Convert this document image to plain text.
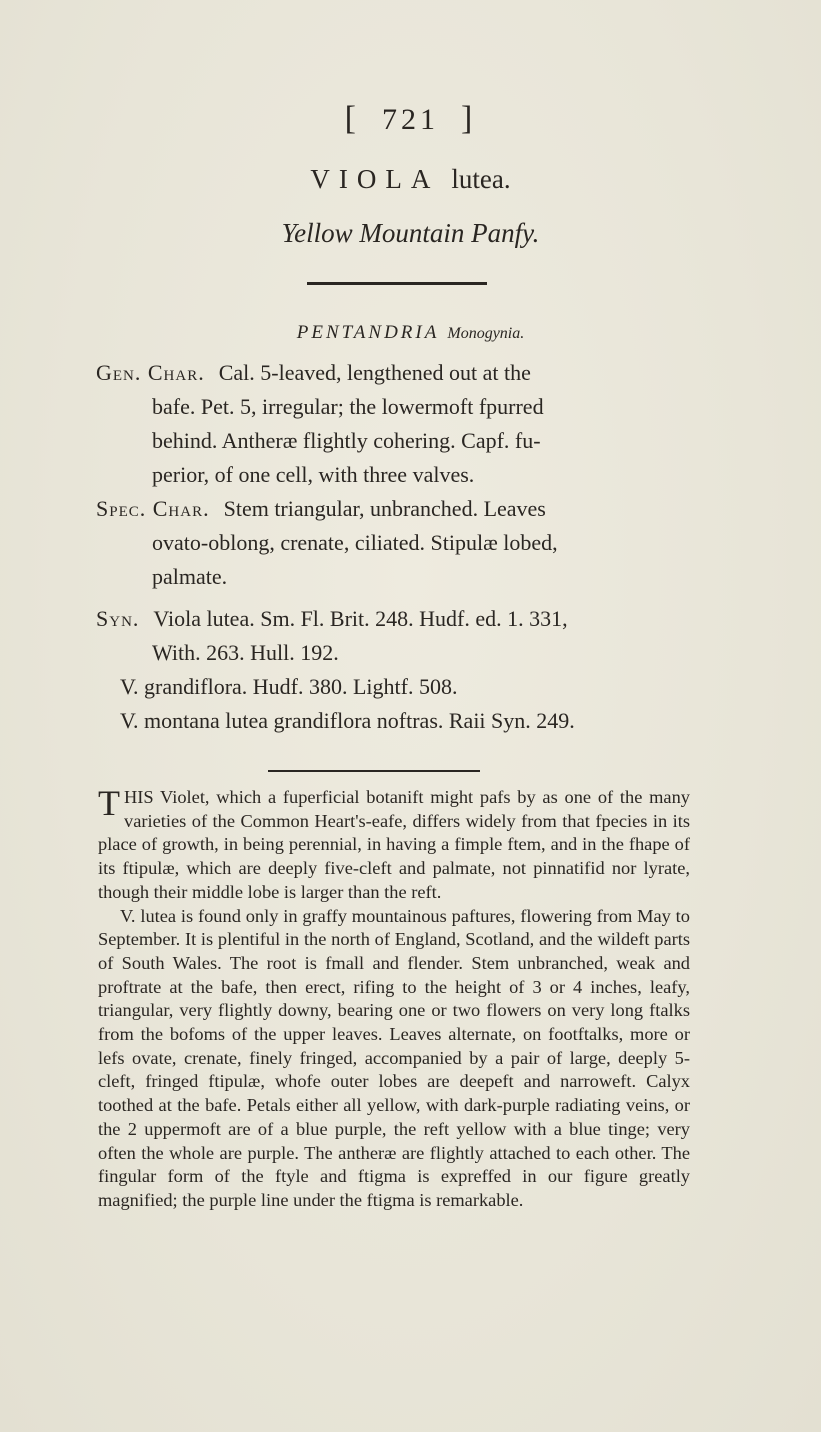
[ 721 ]
VIOLA lutea.
Yellow Mountain Panfy.
PENTANDRIA Monogynia.
Gen. Char. Cal. 5-leaved, lengthened out at the
bafe. Pet. 5, irregular; the lowermoft fpurred
behind. Antheræ flightly cohering. Capf. fu-
perior, of one cell, with three valves.
Spec. Char. Stem triangular, unbranched. Leaves
ovato-oblong, crenate, ciliated. Stipulæ lobed,
palmate.
Syn. Viola lutea. Sm. Fl. Brit. 248. Hudf. ed. 1. 331,
With. 263. Hull. 192.
V. grandiflora. Hudf. 380. Lightf. 508.
V. montana lutea grandiflora noftras. Raii Syn. 249.

THIS Violet, which a fuperficial botanift might pafs by as one of the many varieties of the Common Heart's-eafe, differs widely from that fpecies in its place of growth, in being perennial, in having a fimple ftem, and in the fhape of its ftipulæ, which are deeply five-cleft and palmate, not pinnatifid nor lyrate, though their middle lobe is larger than the reft.

V. lutea is found only in graffy mountainous paftures, flowering from May to September. It is plentiful in the north of England, Scotland, and the wildeft parts of South Wales. The root is fmall and flender. Stem unbranched, weak and proftrate at the bafe, then erect, rifing to the height of 3 or 4 inches, leafy, triangular, very flightly downy, bearing one or two flowers on very long ftalks from the bofoms of the upper leaves. Leaves alternate, on footftalks, more or lefs ovate, crenate, finely fringed, accompanied by a pair of large, deeply 5-cleft, fringed ftipulæ, whofe outer lobes are deepeft and narroweft. Calyx toothed at the bafe. Petals either all yellow, with dark-purple radiating veins, or the 2 uppermoft are of a blue purple, the reft yellow with a blue tinge; very often the whole are purple. The antheræ are flightly attached to each other. The fingular form of the ftyle and ftigma is expreffed in our figure greatly magnified; the purple line under the ftigma is remarkable.
